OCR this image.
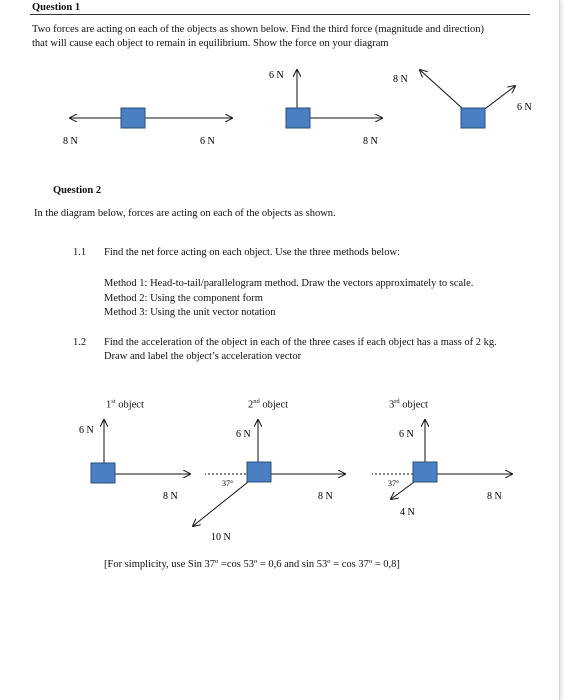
Question 1
Two forces are acting on each of the objects as shown below. Find the third force (magnitude and direction)
that will cause each object to remain in equilibrium. Show the force on your diagram
8 N	6 N
6 N
8 N
8 N
6 N
6 N
8 N
6 N
37°
8 N
10 N
6 N
37°
8 N
4 N
Question 2
In the diagram below, forces are acting on each of the objects as shown.
1.1 Find the net force acting on each object. Use the three methods below:
Method 1: Head-to-tail/parallelogram method. Draw the vectors approximately to scale.
Method 2: Using the component form
Method 3: Using the unit vector notation
1.2 Find the acceleration of the object in each of the three cases if each object has a mass of 2 kg.
Draw and label the object’s acceleration vector
1st object	2nd object	3rd object
[For simplicity, use Sin 37º =cos 53º = 0,6 and sin 53º = cos 37º = 0,8]
